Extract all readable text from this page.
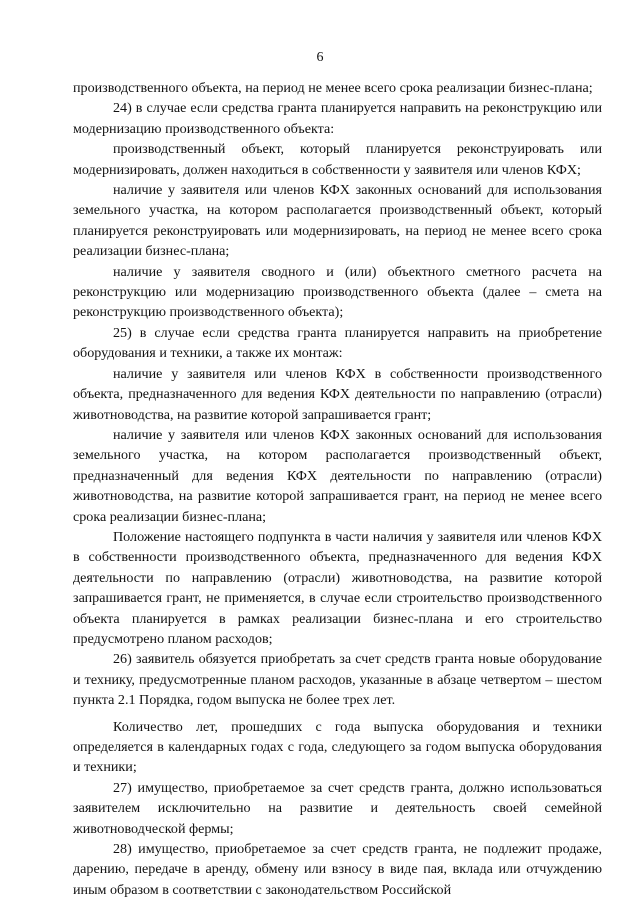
6

производственного объекта, на период не менее всего срока реализации бизнес-плана;

24) в случае если средства гранта планируется направить на реконструкцию или модернизацию производственного объекта:

производственный объект, который планируется реконструировать или модернизировать, должен находиться в собственности у заявителя или членов КФХ;

наличие у заявителя или членов КФХ законных оснований для использования земельного участка, на котором располагается производственный объект, который планируется реконструировать или модернизировать, на период не менее всего срока реализации бизнес-плана;

наличие у заявителя сводного и (или) объектного сметного расчета на реконструкцию или модернизацию производственного объекта (далее – смета на реконструкцию производственного объекта);

25) в случае если средства гранта планируется направить на приобретение оборудования и техники, а также их монтаж:

наличие у заявителя или членов КФХ в собственности производственного объекта, предназначенного для ведения КФХ деятельности по направлению (отрасли) животноводства, на развитие которой запрашивается грант;

наличие у заявителя или членов КФХ законных оснований для использования земельного участка, на котором располагается производственный объект, предназначенный для ведения КФХ деятельности по направлению (отрасли) животноводства, на развитие которой запрашивается грант, на период не менее всего срока реализации бизнес-плана;

Положение настоящего подпункта в части наличия у заявителя или членов КФХ в собственности производственного объекта, предназначенного для ведения КФХ деятельности по направлению (отрасли) животноводства, на развитие которой запрашивается грант, не применяется, в случае если строительство производственного объекта планируется в рамках реализации бизнес-плана и его строительство предусмотрено планом расходов;

26) заявитель обязуется приобретать за счет средств гранта новые оборудование и технику, предусмотренные планом расходов, указанные в абзаце четвертом – шестом пункта 2.1 Порядка, годом выпуска не более трех лет.

Количество лет, прошедших с года выпуска оборудования и техники определяется в календарных годах с года, следующего за годом выпуска оборудования и техники;

27) имущество, приобретаемое за счет средств гранта, должно использоваться заявителем исключительно на развитие и деятельность своей семейной животноводческой фермы;

28) имущество, приобретаемое за счет средств гранта, не подлежит продаже, дарению, передаче в аренду, обмену или взносу в виде пая, вклада или отчуждению иным образом в соответствии с законодательством Российской
